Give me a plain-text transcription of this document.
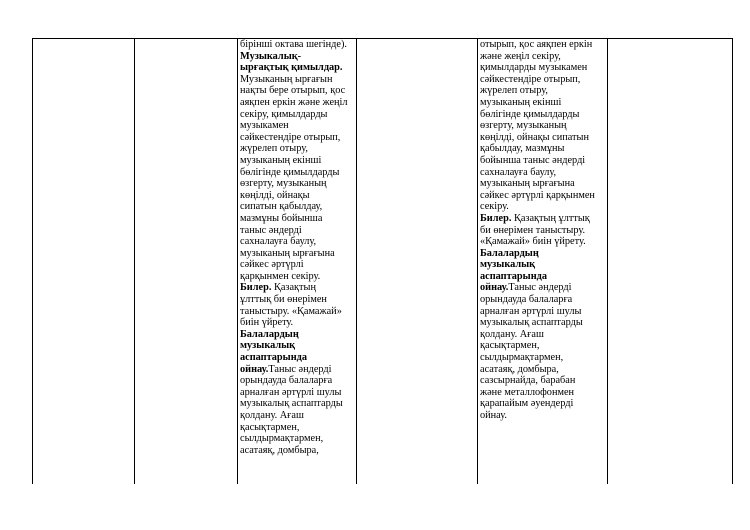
бірінші октава шегінде).

Музыкалық-

ырғақтық қимылдар.

Музыканың ырғағын

нақты бере отырып, қос

аяқпен еркін және жеңіл

секіру, қимылдарды

музыкамен

сәйкестендіре отырып,

жүрелеп отыру,

музыканың екінші

бөлігінде қимылдарды

өзгерту, музыканың

көңілді, ойнақы

сипатын қабылдау,

мазмұны бойынша

таныс әндерді

сахналауға баулу,

музыканың ырғағына

сәйкес әртүрлі

қарқынмен секіру.

Билер. Қазақтың

ұлттық би өнерімен

таныстыру. «Қамажай»

биін үйрету.

Балалардың

музыкалық

аспаптарында

ойнау.Таныс әндерді

орындауда балаларға

арналған әртүрлі шулы

музыкалық аспаптарды

қолдану. Ағаш

қасықтармен,

сылдырмақтармен,

асатаяқ, домбыра,

отырып, қос аяқпен еркін

және жеңіл секіру,

қимылдарды музыкамен

сәйкестендіре отырып,

жүрелеп отыру,

музыканың екінші

бөлігінде қимылдарды

өзгерту, музыканың

көңілді, ойнақы сипатын

қабылдау, мазмұны

бойынша таныс әндерді

сахналауға баулу,

музыканың ырғағына

сәйкес әртүрлі қарқынмен

секіру.

Билер. Қазақтың ұлттық

би өнерімен таныстыру.

«Қамажай» биін үйрету.

Балалардың

музыкалық

аспаптарында

ойнау.Таныс әндерді

орындауда балаларға

арналған әртүрлі шулы

музыкалық аспаптарды

қолдану. Ағаш

қасықтармен,

сылдырмақтармен,

асатаяқ, домбыра,

сазсырнайда, барабан

және металлофонмен

қарапайым әуендерді

ойнау.
